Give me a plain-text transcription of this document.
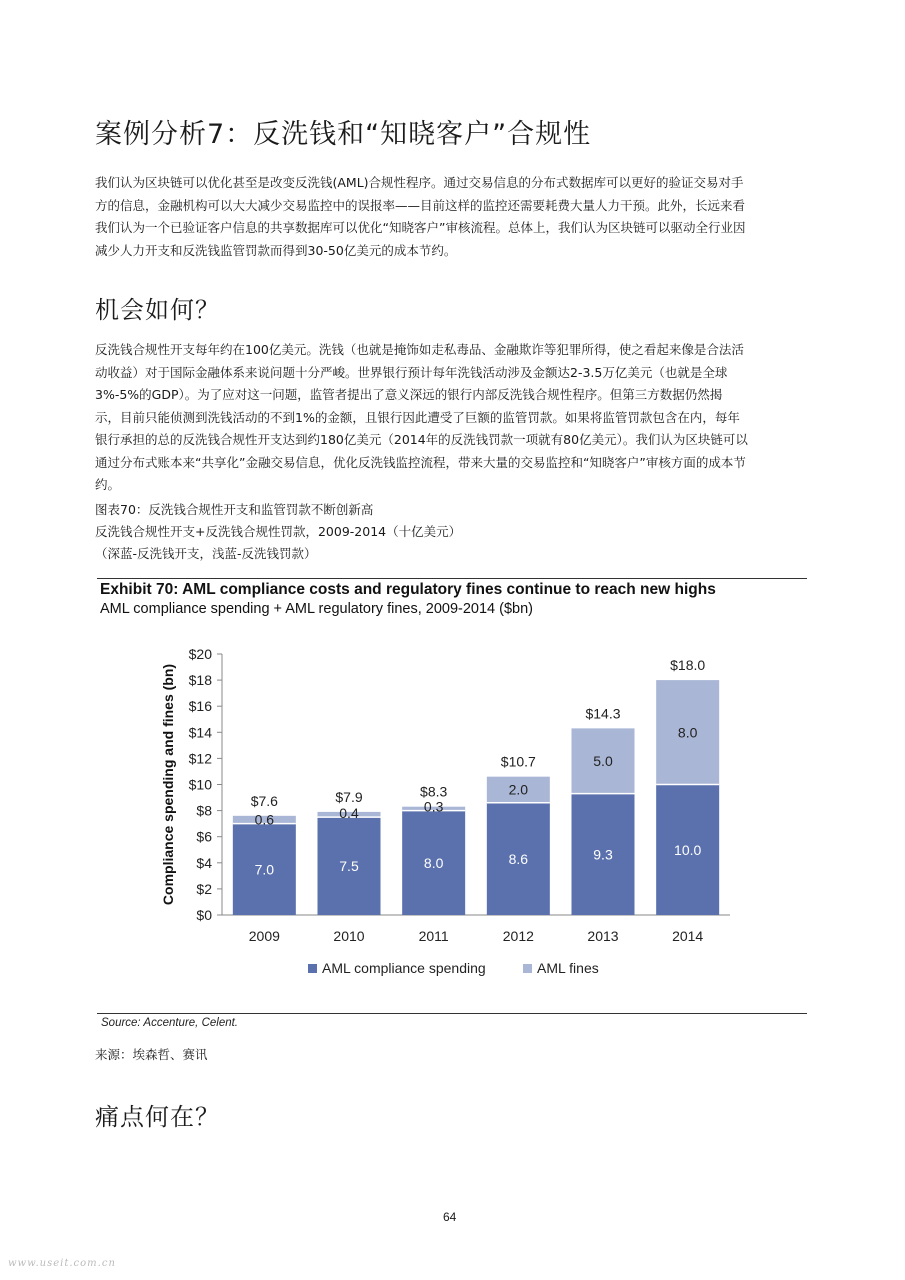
案例分析7：反洗钱和“知晓客户”合规性
我们认为区块链可以优化甚至是改变反洗钱(AML)合规性程序。通过交易信息的分布式数据库可以更好的验证交易对手
方的信息，金融机构可以大大减少交易监控中的误报率——目前这样的监控还需要耗费大量人力干预。此外，长远来看
我们认为一个已验证客户信息的共享数据库可以优化“知晓客户”审核流程。总体上，我们认为区块链可以驱动全行业因
减少人力开支和反洗钱监管罚款而得到30-50亿美元的成本节约。
机会如何？
反洗钱合规性开支每年约在100亿美元。洗钱（也就是掩饰如走私毒品、金融欺诈等犯罪所得，使之看起来像是合法活
动收益）对于国际金融体系来说问题十分严峻。世界银行预计每年洗钱活动涉及金额达2-3.5万亿美元（也就是全球
3%-5%的GDP）。为了应对这一问题，监管者提出了意义深远的银行内部反洗钱合规性程序。但第三方数据仍然揭
示，目前只能侦测到洗钱活动的不到1%的金额，且银行因此遭受了巨额的监管罚款。如果将监管罚款包含在内，每年
银行承担的总的反洗钱合规性开支达到约180亿美元（2014年的反洗钱罚款一项就有80亿美元）。我们认为区块链可以
通过分布式账本来“共享化”金融交易信息，优化反洗钱监控流程，带来大量的交易监控和“知晓客户”审核方面的成本节
约。
图表70：反洗钱合规性开支和监管罚款不断创新高
反洗钱合规性开支+反洗钱合规性罚款，2009-2014（十亿美元）
（深蓝-反洗钱开支，浅蓝-反洗钱罚款）
Exhibit 70: AML compliance costs and regulatory fines continue to reach new highs
AML compliance spending + AML regulatory fines, 2009-2014 ($bn)
Compliance spending and fines (bn)
$0
$2
$4
$6
$8
$10
$12
$14
$16
$18
$20
2009
7.0
0.6
$7.6
2010
7.5
0.4
$7.9
2011
8.0
0.3
$8.3
2012
8.6
2.0
$10.7
2013
9.3
5.0
$14.3
2014
10.0
8.0
$18.0
AML compliance spending	AML fines
Source: Accenture, Celent.
来源：埃森哲、赛讯
痛点何在？
64
www.useit.com.cn
